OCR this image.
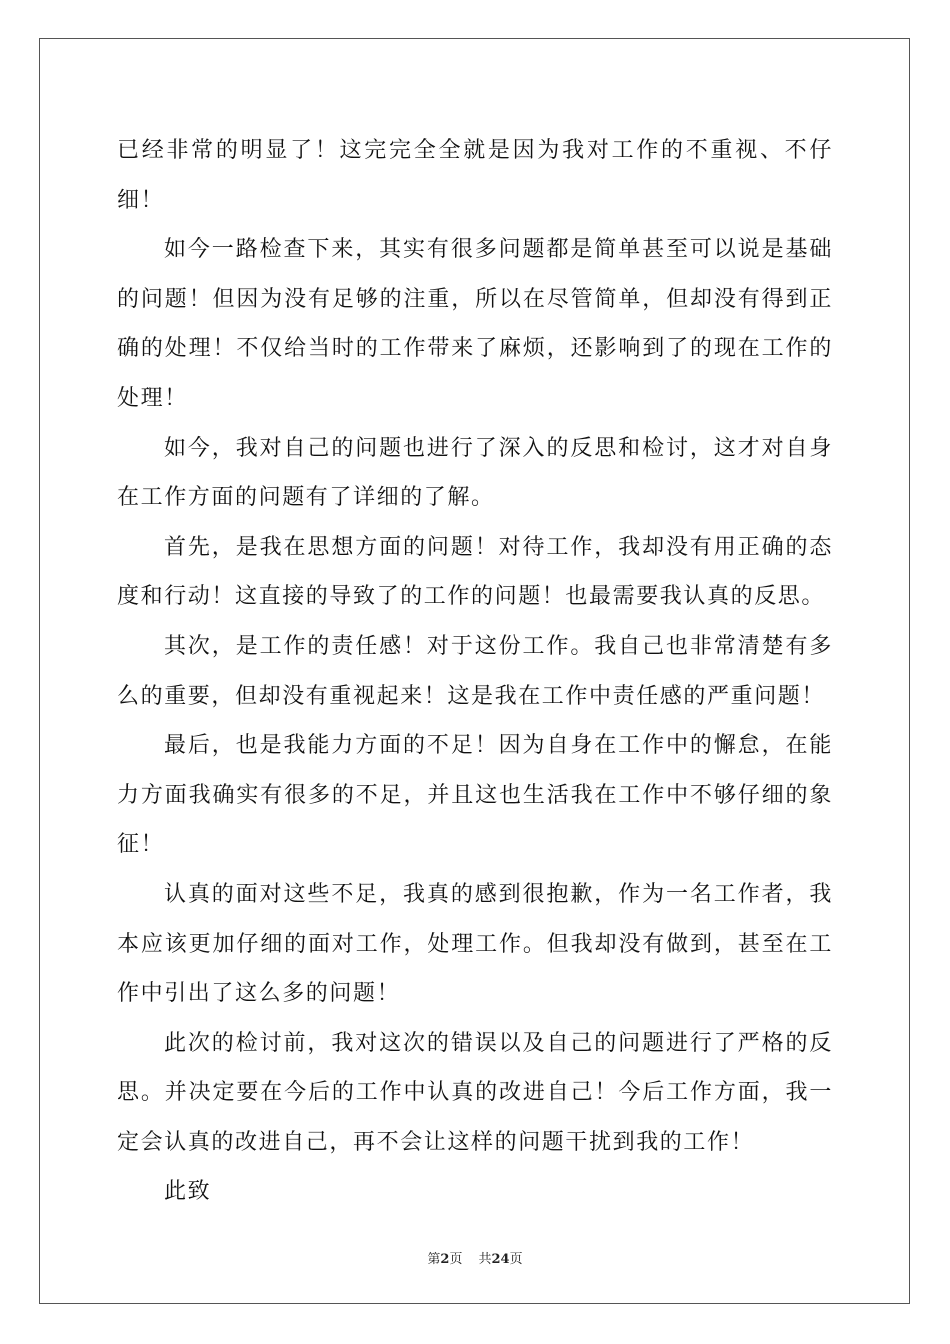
已经非常的明显了！这完完全全就是因为我对工作的不重视、不仔细！

如今一路检查下来，其实有很多问题都是简单甚至可以说是基础的问题！但因为没有足够的注重，所以在尽管简单，但却没有得到正确的处理！不仅给当时的工作带来了麻烦，还影响到了的现在工作的处理！

如今，我对自己的问题也进行了深入的反思和检讨，这才对自身在工作方面的问题有了详细的了解。

首先，是我在思想方面的问题！对待工作，我却没有用正确的态度和行动！这直接的导致了的工作的问题！也最需要我认真的反思。

其次，是工作的责任感！对于这份工作。我自己也非常清楚有多么的重要，但却没有重视起来！这是我在工作中责任感的严重问题！

最后，也是我能力方面的不足！因为自身在工作中的懈怠，在能力方面我确实有很多的不足，并且这也生活我在工作中不够仔细的象征！

认真的面对这些不足，我真的感到很抱歉，作为一名工作者，我本应该更加仔细的面对工作，处理工作。但我却没有做到，甚至在工作中引出了这么多的问题！

此次的检讨前，我对这次的错误以及自己的问题进行了严格的反思。并决定要在今后的工作中认真的改进自己！今后工作方面，我一定会认真的改进自己，再不会让这样的问题干扰到我的工作！

此致

第2页 共24页
